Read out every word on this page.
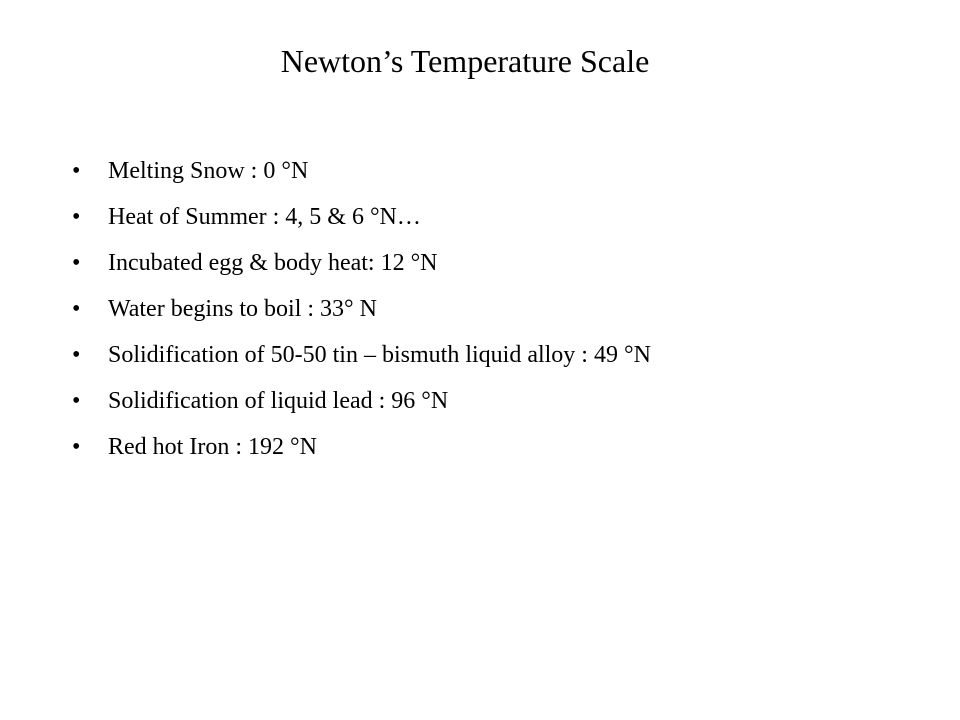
Newton’s Temperature Scale
•	Melting Snow : 0 °N
•	Heat of Summer : 4, 5 & 6 °N…
•	Incubated egg & body heat: 12 °N
•	Water begins to boil : 33° N
•	Solidification of 50-50 tin – bismuth liquid alloy : 49 °N
•	Solidification of liquid lead : 96 °N
•	Red hot Iron : 192 °N
